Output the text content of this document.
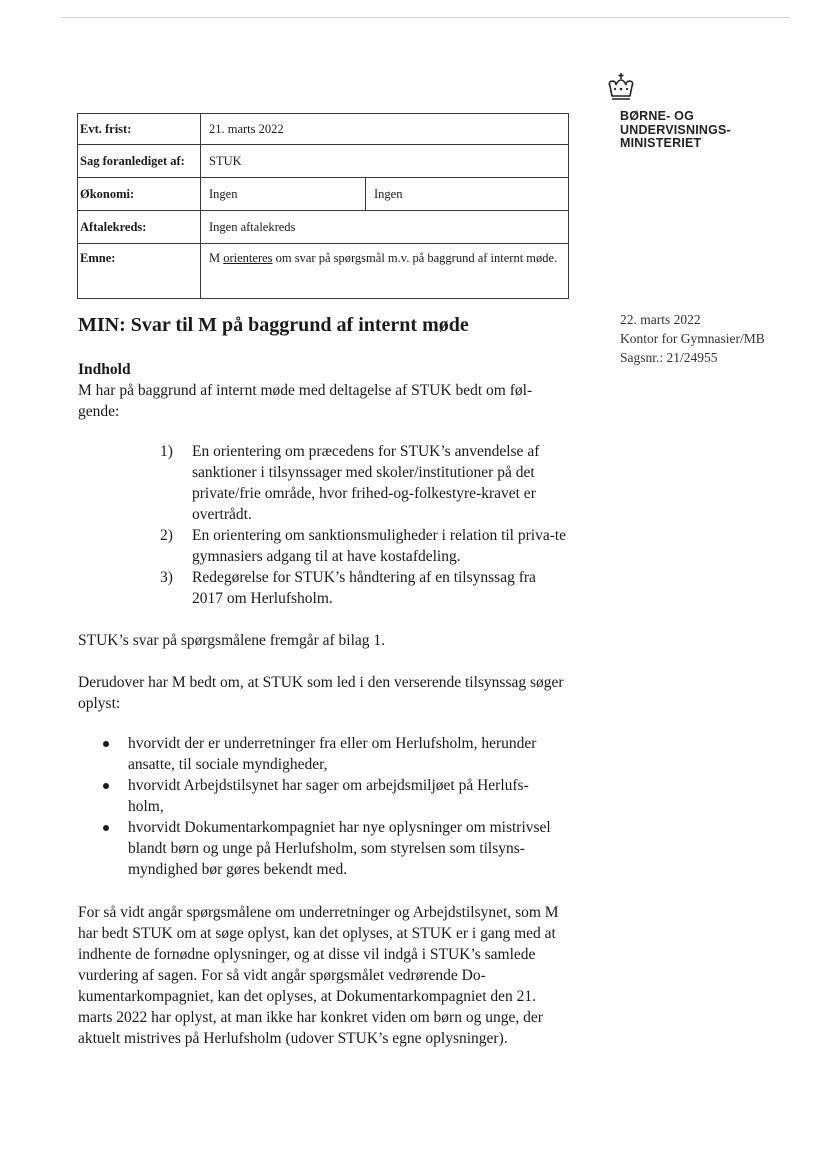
BØRNE- OG
UNDERVISNINGS-
MINISTERIET
22. marts 2022
Kontor for Gymnasier/MB
Sagsnr.: 21/24955
Evt. frist:	21. marts 2022	
Sag foranlediget af:	STUK	
Økonomi:	Ingen	Ingen
Aftalekreds:	Ingen aftalekreds	
Emne:	M orienteres om svar på spørgsmål m.v. på baggrund af internt møde.	
MIN: Svar til M på baggrund af internt møde

Indhold

M har på baggrund af internt møde med deltagelse af STUK bedt om føl-gende:

1)	En orientering om præcedens for STUK’s anvendelse af sanktioner i tilsynssager med skoler/institutioner på det private/frie område, hvor frihed-og-folkestyre-kravet er overtrådt.
2)	En orientering om sanktionsmuligheder i relation til priva-te gymnasiers adgang til at have kostafdeling.
3)	Redegørelse for STUK’s håndtering af en tilsynssag fra 2017 om Herlufsholm.

STUK’s svar på spørgsmålene fremgår af bilag 1.

Derudover har M bedt om, at STUK som led i den verserende tilsynssag søger oplyst:

hvorvidt der er underretninger fra eller om Herlufsholm, herunder ansatte, til sociale myndigheder,
hvorvidt Arbejdstilsynet har sager om arbejdsmiljøet på Herlufs-holm,
hvorvidt Dokumentarkompagniet har nye oplysninger om mistrivsel blandt børn og unge på Herlufsholm, som styrelsen som tilsyns-myndighed bør gøres bekendt med.

For så vidt angår spørgsmålene om underretninger og Arbejdstilsynet, som M har bedt STUK om at søge oplyst, kan det oplyses, at STUK er i gang med at indhente de fornødne oplysninger, og at disse vil indgå i STUK’s samlede vurdering af sagen. For så vidt angår spørgsmålet vedrørende Do-kumentarkompagniet, kan det oplyses, at Dokumentarkompagniet den 21. marts 2022 har oplyst, at man ikke har konkret viden om børn og unge, der aktuelt mistrives på Herlufsholm (udover STUK’s egne oplysninger).
